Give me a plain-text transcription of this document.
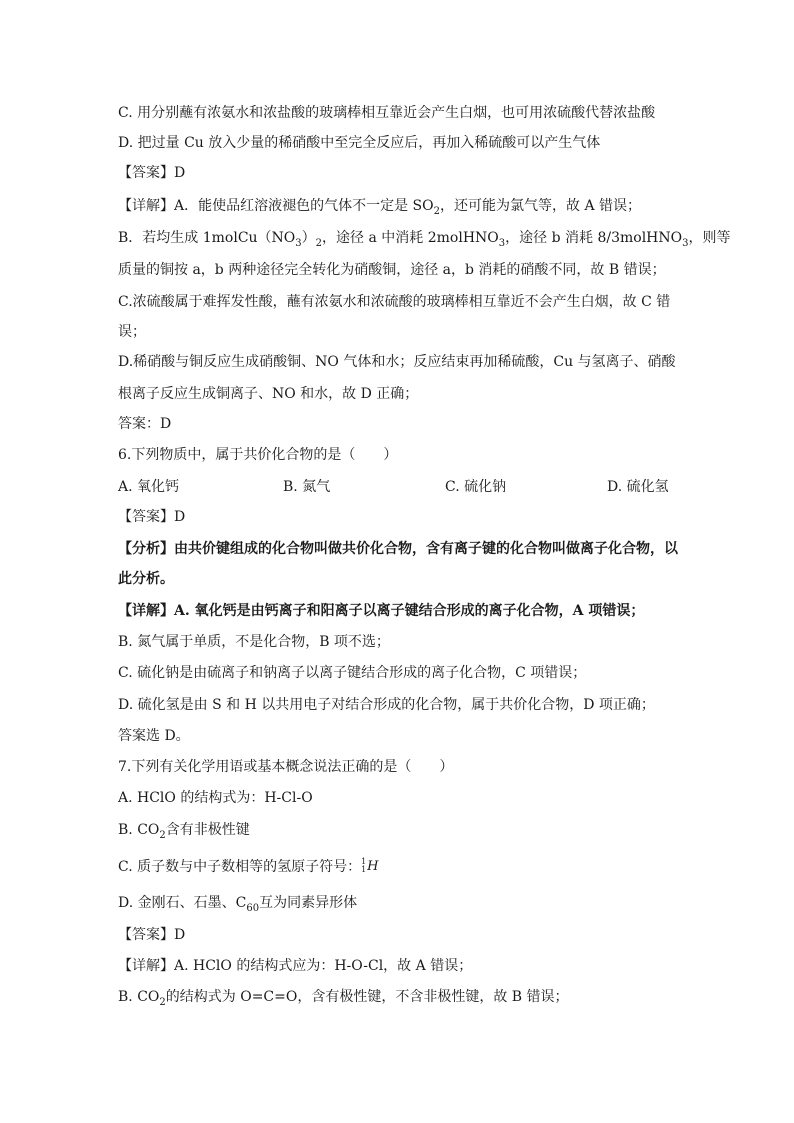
C. 用分别蘸有浓氨水和浓盐酸的玻璃棒相互靠近会产生白烟，也可用浓硫酸代替浓盐酸
D. 把过量 Cu 放入少量的稀硝酸中至完全反应后，再加入稀硫酸可以产生气体
【答案】D
【详解】A．能使品红溶液褪色的气体不一定是 $SO_2$，还可能为氯气等，故 A 错误；
B．若均生成 $1molCu(NO_3)_2$，途径 a 中消耗 2molHNO$_3$，途径 b 消耗 8/3molHNO$_3$，则等
质量的铜按 a，b 两种途径完全转化为硝酸铜，途径 a，b 消耗的硝酸不同，故 B 错误；
C.浓硫酸属于难挥发性酸，蘸有浓氨水和浓硫酸的玻璃棒相互靠近不会产生白烟，故 C 错
误；
D.稀硝酸与铜反应生成硝酸铜、NO 气体和水；反应结束再加稀硫酸，Cu 与氢离子、硝酸
根离子反应生成铜离子、NO 和水，故 D 正确；
答案：D
6.下列物质中，属于共价化合物的是（　　）
A. 氧化钙	B. 氮气	C. 硫化钠	D. 硫化氢
【答案】D
【分析】由共价键组成的化合物叫做共价化合物，含有离子键的化合物叫做离子化合物，以
此分析。
【详解】A. 氧化钙是由钙离子和阳离子以离子键结合形成的离子化合物，A 项错误；
B. 氮气属于单质，不是化合物，B 项不选；
C. 硫化钠是由硫离子和钠离子以离子键结合形成的离子化合物，C 项错误；
D. 硫化氢是由 S 和 H 以共用电子对结合形成的化合物，属于共价化合物，D 项正确；
答案选 D。
7.下列有关化学用语或基本概念说法正确的是（　　）
A. HClO 的结构式为：H-Cl-O
B. $CO_2$含有非极性键
C. 质子数与中子数相等的氢原子符号： 1
1 H
D. 金刚石、石墨、$C_{60}$互为同素异形体
【答案】D
【详解】A. HClO 的结构式应为：H-O-Cl，故 A 错误；
B. $CO_2$的结构式为 O=C=O，含有极性键，不含非极性键，故 B 错误；
